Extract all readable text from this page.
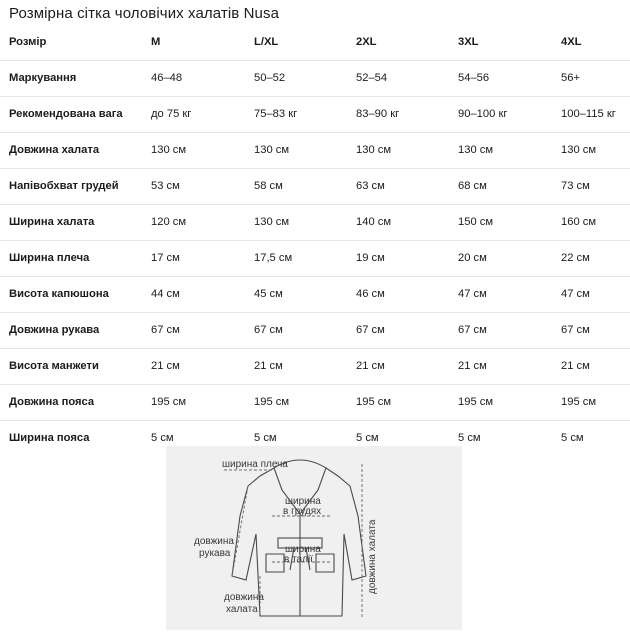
Розмірна сітка чоловічих халатів Nusa
Розмір	M	L/XL	2XL	3XL	4XL
Маркування	46–48	50–52	52–54	54–56	56+
Рекомендована вага	до 75 кг	75–83 кг	83–90 кг	90–100 кг	100–115 кг
Довжина халата	130 см	130 см	130 см	130 см	130 см
Напівобхват грудей	53 см	58 см	63 см	68 см	73 см
Ширина халата	120 см	130 см	140 см	150 см	160 см
Ширина плеча	17 см	17,5 см	19 см	20 см	22 см
Висота капюшона	44 см	45 см	46 см	47 см	47 см
Довжина рукава	67 см	67 см	67 см	67 см	67 см
Висота манжети	21 см	21 см	21 см	21 см	21 см
Довжина пояса	195 см	195 см	195 см	195 см	195 см
Ширина пояса	5 см	5 см	5 см	5 см	5 см
ширина плеча
ширина
в грудях
ширина
в талії
довжина
рукава
довжина
халата
довжина халата
